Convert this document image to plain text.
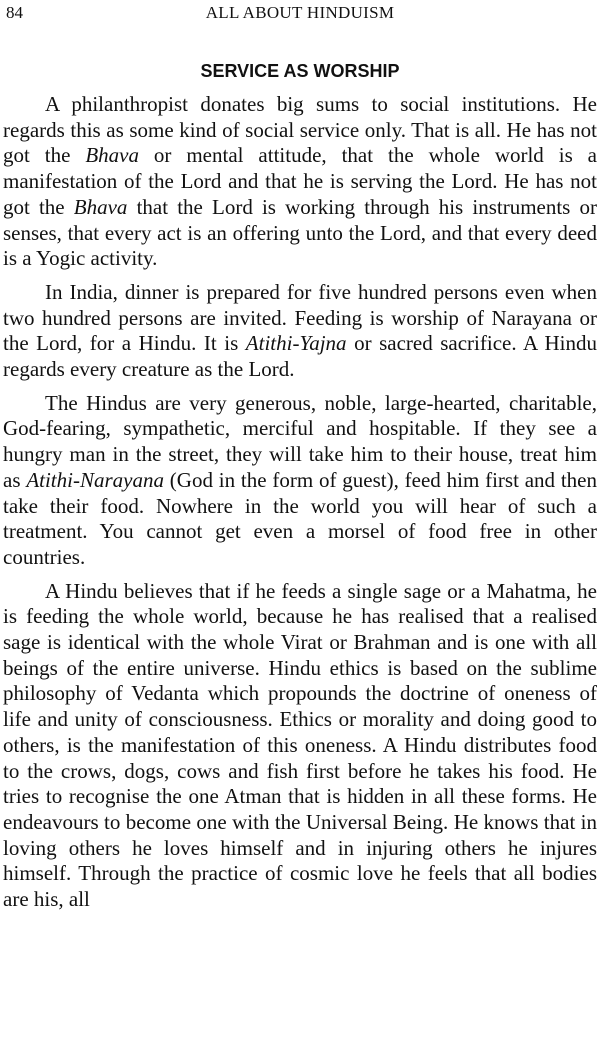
84	ALL ABOUT HINDUISM
SERVICE AS WORSHIP

A philanthropist donates big sums to social institutions. He regards this as some kind of social service only. That is all. He has not got the Bhava or mental attitude, that the whole world is a manifestation of the Lord and that he is serving the Lord. He has not got the Bhava that the Lord is working through his instruments or senses, that every act is an offering unto the Lord, and that every deed is a Yogic activity.

In India, dinner is prepared for five hundred persons even when two hundred persons are invited. Feeding is worship of Narayana or the Lord, for a Hindu. It is Atithi-Yajna or sacred sacrifice. A Hindu regards every creature as the Lord.

The Hindus are very generous, noble, large-hearted, charitable, God-fearing, sympathetic, merciful and hospitable. If they see a hungry man in the street, they will take him to their house, treat him as Atithi-Narayana (God in the form of guest), feed him first and then take their food. Nowhere in the world you will hear of such a treatment. You cannot get even a morsel of food free in other countries.

A Hindu believes that if he feeds a single sage or a Mahatma, he is feeding the whole world, because he has realised that a realised sage is identical with the whole Virat or Brahman and is one with all beings of the entire universe. Hindu ethics is based on the sublime philosophy of Vedanta which propounds the doctrine of oneness of life and unity of consciousness. Ethics or morality and doing good to others, is the manifestation of this oneness. A Hindu distributes food to the crows, dogs, cows and fish first before he takes his food. He tries to recognise the one Atman that is hidden in all these forms. He endeavours to become one with the Universal Being. He knows that in loving others he loves himself and in injuring others he injures himself. Through the practice of cosmic love he feels that all bodies are his, all
